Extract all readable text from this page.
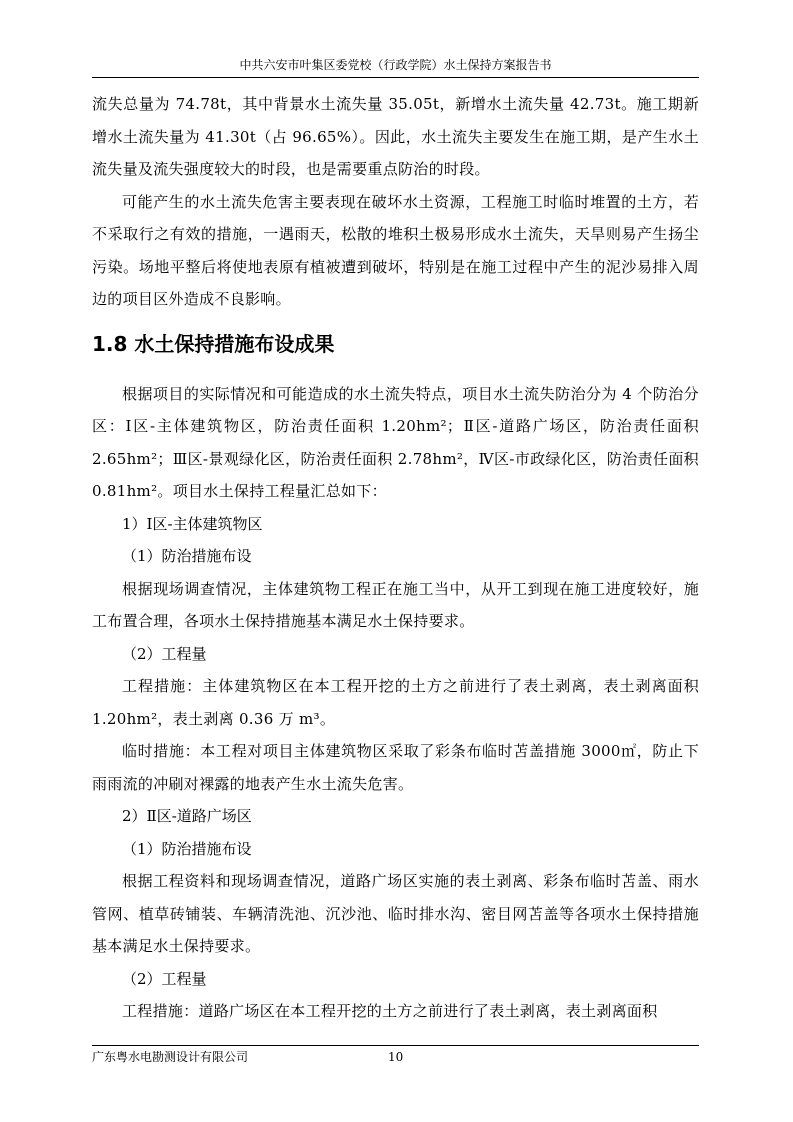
中共六安市叶集区委党校（行政学院）水土保持方案报告书

流失总量为 74.78t，其中背景水土流失量 35.05t，新增水土流失量 42.73t。施工期新增水土流失量为 41.30t（占 96.65%）。因此，水土流失主要发生在施工期，是产生水土流失量及流失强度较大的时段，也是需要重点防治的时段。

可能产生的水土流失危害主要表现在破坏水土资源，工程施工时临时堆置的土方，若不采取行之有效的措施，一遇雨天，松散的堆积土极易形成水土流失，天旱则易产生扬尘污染。场地平整后将使地表原有植被遭到破坏，特别是在施工过程中产生的泥沙易排入周边的项目区外造成不良影响。

1.8 水土保持措施布设成果

根据项目的实际情况和可能造成的水土流失特点，项目水土流失防治分为 4 个防治分区：Ⅰ区-主体建筑物区，防治责任面积 1.20hm²；Ⅱ区-道路广场区，防治责任面积 2.65hm²；Ⅲ区-景观绿化区，防治责任面积 2.78hm²，Ⅳ区-市政绿化区，防治责任面积 0.81hm²。项目水土保持工程量汇总如下：

1）Ⅰ区-主体建筑物区

（1）防治措施布设

根据现场调查情况，主体建筑物工程正在施工当中，从开工到现在施工进度较好，施工布置合理，各项水土保持措施基本满足水土保持要求。

（2）工程量

工程措施：主体建筑物区在本工程开挖的土方之前进行了表土剥离，表土剥离面积 1.20hm²，表土剥离 0.36 万 m³。

临时措施：本工程对项目主体建筑物区采取了彩条布临时苫盖措施 3000㎡，防止下雨雨流的冲刷对裸露的地表产生水土流失危害。

2）Ⅱ区-道路广场区

（1）防治措施布设

根据工程资料和现场调查情况，道路广场区实施的表土剥离、彩条布临时苫盖、雨水管网、植草砖铺装、车辆清洗池、沉沙池、临时排水沟、密目网苫盖等各项水土保持措施基本满足水土保持要求。

（2）工程量

工程措施：道路广场区在本工程开挖的土方之前进行了表土剥离，表土剥离面积

广东粤水电勘测设计有限公司	10
